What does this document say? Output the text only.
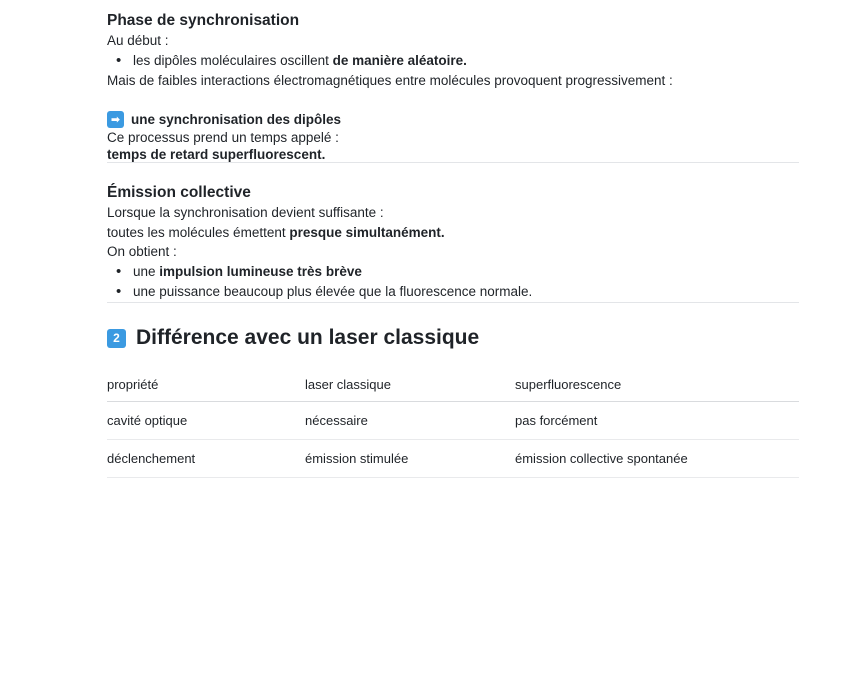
Phase de synchronisation

Au début :

• les dipôles moléculaires oscillent de manière aléatoire.

Mais de faibles interactions électromagnétiques entre molécules provoquent progressivement :

➡ une synchronisation des dipôles

Ce processus prend un temps appelé :

temps de retard superfluorescent.

Émission collective

Lorsque la synchronisation devient suffisante :

toutes les molécules émettent presque simultanément.

On obtient :

• une impulsion lumineuse très brève
• une puissance beaucoup plus élevée que la fluorescence normale.
2 Différence avec un laser classique
propriété	laser classique	superfluorescence
cavité optique	nécessaire	pas forcément
déclenchement	émission stimulée	émission collective spontanée
